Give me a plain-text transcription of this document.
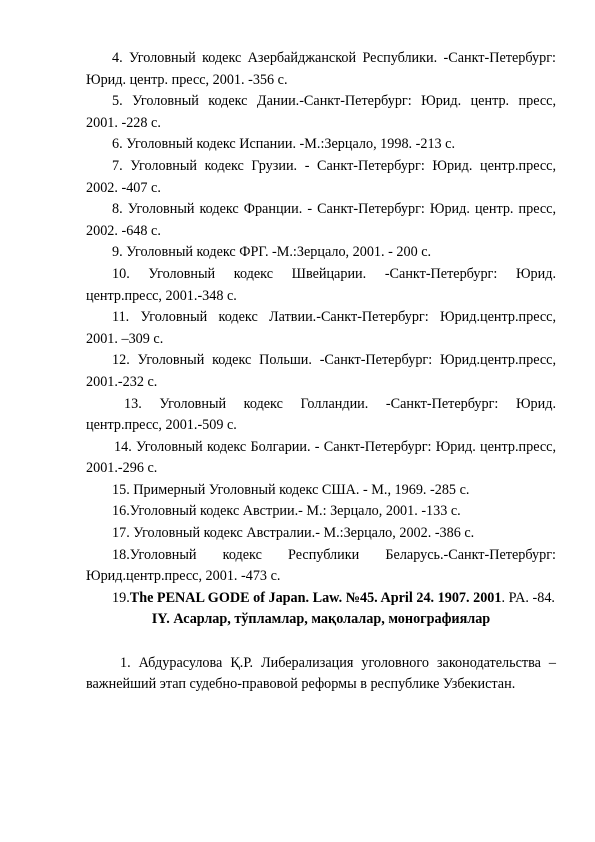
4. Уголовный кодекс Азербайджанской Республики. -Санкт-Петербург: Юрид. центр. пресс, 2001. -356 с.

5. Уголовный кодекс Дании.-Санкт-Петербург: Юрид. центр. пресс, 2001. -228 с.

6. Уголовный кодекс Испании. -М.:Зерцало, 1998. -213 с.

7. Уголовный кодекс Грузии. - Санкт-Петербург: Юрид. центр.пресс, 2002. -407 с.

8. Уголовный кодекс Франции. - Санкт-Петербург: Юрид. центр. пресс, 2002. -648 с.

9. Уголовный кодекс ФРГ. -М.:Зерцало, 2001. - 200 с.

10. Уголовный кодекс Швейцарии. -Санкт-Петербург: Юрид. центр.пресс, 2001.-348 с.

11. Уголовный кодекс Латвии.-Санкт-Петербург: Юрид.центр.пресс, 2001. –309 с.

12. Уголовный кодекс Польши. -Санкт-Петербург: Юрид.центр.пресс, 2001.-232 с.

13. Уголовный кодекс Голландии. -Санкт-Петербург: Юрид. центр.пресс, 2001.-509 с.

14. Уголовный кодекс Болгарии. - Санкт-Петербург: Юрид. центр.пресс, 2001.-296 с.

15. Примерный Уголовный кодекс США. - М., 1969. -285 с.

16.Уголовный кодекс Австрии.- М.: Зерцало, 2001. -133 с.

17. Уголовный кодекс Австралии.- М.:Зерцало, 2002. -386 с.

18.Уголовный кодекс Республики Беларусь.-Санкт-Петербург: Юрид.центр.пресс, 2001. -473 с.

19.The PENAL GODE of Japan. Law. №45. April 24. 1907. 2001. PA. -84.

IY. Асарлар, тўпламлар, мақолалар, монографиялар

1. Абдурасулова Қ.Р. Либерализация уголовного законодательства – важнейший этап судебно-правовой реформы в республике Узбекистан.
